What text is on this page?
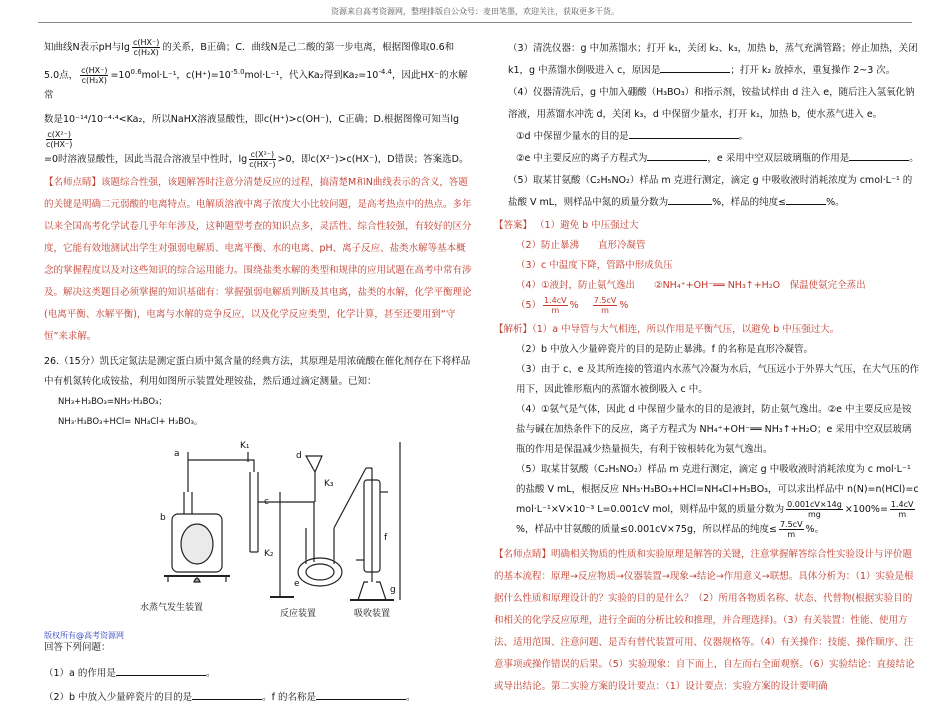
资源来自高考资源网，整理排版自公众号：麦田笔墨，欢迎关注，获取更多干货。

知曲线N表示pH与$\lg \frac{c(HX^-)}{\text{c(H₂X)}}$ 的关系，B正确；C．曲线N是己二酸的第一步电离，根据图像取0.6和

5.0点， $\frac{c(HX^-)}{\text{c(H₂X)}} =10^{0.6}mol\cdot L^{-1}$，$c(H^+)=10^{-5.0}mol\cdot L^{-1}$，代入Ka₂得到$Ka_2=10^{-4.4}$，因此HX⁻的水解常

数是10⁻¹⁴/10⁻⁴·⁴<Ka₂，所以NaHX溶液显酸性，即c(H⁺)>c(OH⁻)，C正确；D.根据图像可知当lg
$\frac{\text{c(X²⁻)}}{c(HX^-)}$

=0时溶液显酸性，因此当混合溶液呈中性时，$\lg \frac{\text{c(X²⁻)}}{c(HX^-)} >0$，即c(X²⁻)>c(HX⁻)，D错误；答案选D。

【名师点睛】该题综合性强，该题解答时注意分清楚反应的过程，搞清楚M和N曲线表示的含义，答题的关键是明确二元弱酸的电离特点。电解质溶液中离子浓度大小比较问题，是高考热点中的热点。多年以来全国高考化学试卷几乎年年涉及，这种题型考查的知识点多，灵活性、综合性较强，有较好的区分度，它能有效地测试出学生对强弱电解质、电离平衡、水的电离、pH、离子反应、盐类水解等基本概念的掌握程度以及对这些知识的综合运用能力。围绕盐类水解的类型和规律的应用试题在高考中常有涉及。解决这类题目必须掌握的知识基础有：掌握强弱电解质判断及其电离，盐类的水解，化学平衡理论(电离平衡、水解平衡)，电离与水解的竞争反应，以及化学反应类型，化学计算，甚至还要用到“守恒”来求解。

26.（15分）凯氏定氮法是测定蛋白质中氮含量的经典方法，其原理是用浓硫酸在催化剂存在下将样品中有机氮转化成铵盐，利用如图所示装置处理铵盐，然后通过滴定测量。已知：

NH₃+H₃BO₃=NH₃·H₃BO₃；

NH₃·H₃BO₃+HCl= NH₄Cl+ H₃BO₃。

a
b
K₁
c
K₂
d
K₃
e
f
g
水蒸气发生装置
反应装置	吸收装置

回答下列问题：

（1）a 的作用是	。

（2）b 中放入少量碎瓷片的目的是	。f 的名称是	。

（3）清洗仪器：g 中加蒸馏水；打开 k₁，关闭 k₂、k₃，加热 b，蒸气充满管路；停止加热，关闭 k1，g 中蒸馏水倒吸进入 c，原因是	；打开 k₂ 放掉水，重复操作 2~3 次。

（4）仪器清洗后，g 中加入硼酸（H₃BO₃）和指示剂，铵盐试样由 d 注入 e，随后注入氢氧化钠溶液，用蒸馏水冲洗 d，关闭 k₃，d 中保留少量水，打开 k₁，加热 b，使水蒸气进入 e。

①d 中保留少量水的目的是	。

②e 中主要反应的离子方程式为	，e 采用中空双层玻璃瓶的作用是	。

（5）取某甘氨酸（C₂H₅NO₂）样品 m 克进行测定，滴定 g 中吸收液时消耗浓度为 cmol·L⁻¹ 的盐酸 V mL，则样品中氮的质量分数为	%，样品的纯度≤	%。

【答案】 （1）避免 b 中压强过大

（2）防止暴沸　　直形冷凝管

（3）c 中温度下降，管路中形成负压

（4）①液封，防止氨气逸出　　②NH₄⁺+OH⁻══ NH₃↑+H₂O　保温使氨完全蒸出

$(5) \frac{1.4cV}{m}$ % $\frac{7.5cV}{m}$ %

【解析】（1）a 中导管与大气相连，所以作用是平衡气压，以避免 b 中压强过大。

（2）b 中放入少量碎瓷片的目的是防止暴沸。f 的名称是直形冷凝管。

（3）由于 c、e 及其所连接的管道内水蒸气冷凝为水后，气压远小于外界大气压，在大气压的作用下，因此锥形瓶内的蒸馏水被倒吸入 c 中。

（4）①氨气是气体，因此 d 中保留少量水的目的是液封，防止氨气逸出。②e 中主要反应是铵盐与碱在加热条件下的反应，离子方程式为 NH₄⁺+OH⁻══ NH₃↑+H₂O；e 采用中空双层玻璃瓶的作用是保温减少热量损失，有利于铵根转化为氨气逸出。

（5）取某甘氨酸（C₂H₅NO₂）样品 m 克进行测定，滴定 g 中吸收液时消耗浓度为 c mol·L⁻¹ 的盐酸 V mL，根据反应 NH₃·H₃BO₃+HCl=NH₄Cl+H₃BO₃，可以求出样品中 n(N)=n(HCl)=c mol·L⁻¹×V×10⁻³ L=0.001cV mol，则样品中氮的质量分数为 $\frac{0.001cV\times 14g}{mg} \times 100\%= \frac{1.4cV}{m}$
%，样品中甘氨酸的质量≤0.001cV×75g，所以样品的纯度≤ $\frac{7.5cV}{m}$ %。

【名师点睛】明确相关物质的性质和实验原理是解答的关键，注意掌握解答综合性实验设计与评价题的基本流程：原理→反应物质→仪器装置→现象→结论→作用意义→联想。具体分析为：（1）实验是根据什么性质和原理设计的？实验的目的是什么？（2）所用各物质名称、状态、代替物(根据实验目的和相关的化学反应原理，进行全面的分析比较和推理，并合理选择)。（3）有关装置：性能、使用方法、适用范围、注意问题、是否有替代装置可用、仪器规格等。（4）有关操作：技能、操作顺序、注意事项或操作错误的后果。（5）实验现象：自下而上，自左而右全面观察。（6）实验结论：直接结论或导出结论。第二实验方案的设计要点：（1）设计要点：实验方案的设计要明确

版权所有@高考资源网
